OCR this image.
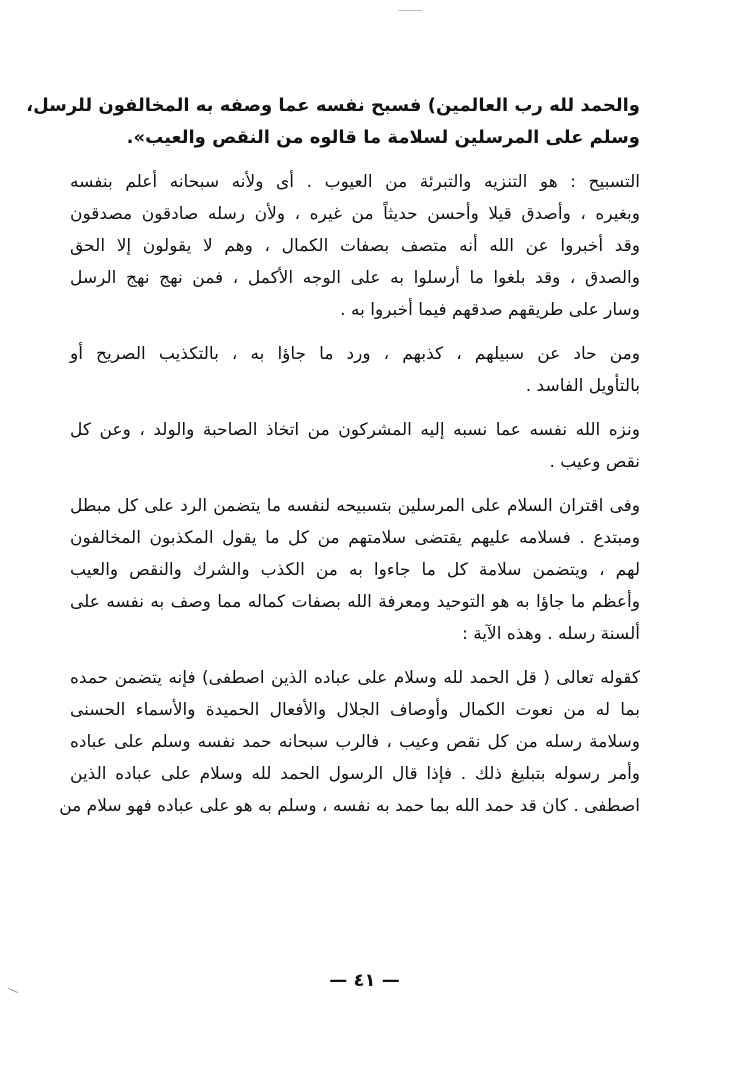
والحمد لله رب العالمين) فسبح نفسه عما وصفه به المخالفون للرسل،
وسلم على المرسلين لسلامة ما قالوه من النقص والعيب».
التسبيح : هو التنزيه والتبرئة من العيوب . أى ولأنه سبحانه أعلم بنفسه
وبغيره ، وأصدق قيلا وأحسن حديثاً من غيره ، ولأن رسله صادقون مصدقون
وقد أخبروا عن الله أنه متصف بصفات الكمال ، وهم لا يقولون إلا الحق
والصدق ، وقد بلغوا ما أرسلوا به على الوجه الأكمل ، فمن نهج نهج الرسل
وسار على طريقهم صدقهم فيما أخبروا به .
ومن حاد عن سبيلهم ، كذبهم ، ورد ما جاؤا به ، بالتكذيب الصريح أو
بالتأويل الفاسد .
ونزه الله نفسه عما نسبه إليه المشركون من اتخاذ الصاحبة والولد ، وعن كل
نقص وعيب .
وفى اقتران السلام على المرسلين بتسبيحه لنفسه ما يتضمن الرد على كل مبطل
ومبتدع . فسلامه عليهم يقتضى سلامتهم من كل ما يقول المكذبون المخالفون
لهم ، ويتضمن سلامة كل ما جاءوا به من الكذب والشرك والنقص والعيب
وأعظم ما جاؤا به هو التوحيد ومعرفة الله بصفات كماله مما وصف به نفسه على
ألسنة رسله . وهذه الآية :
كقوله تعالى ( قل الحمد لله وسلام على عباده الذين اصطفى) فإنه يتضمن حمده
بما له من نعوت الكمال وأوصاف الجلال والأفعال الحميدة والأسماء الحسنى
وسلامة رسله من كل نقص وعيب ، فالرب سبحانه حمد نفسه وسلم على عباده
وأمر رسوله بتبليغ ذلك . فإذا قال الرسول الحمد لله وسلام على عباده الذين
اصطفى . كان قد حمد الله بما حمد به نفسه ، وسلم به هو على عباده فهو سلام من
— ٤١ —
